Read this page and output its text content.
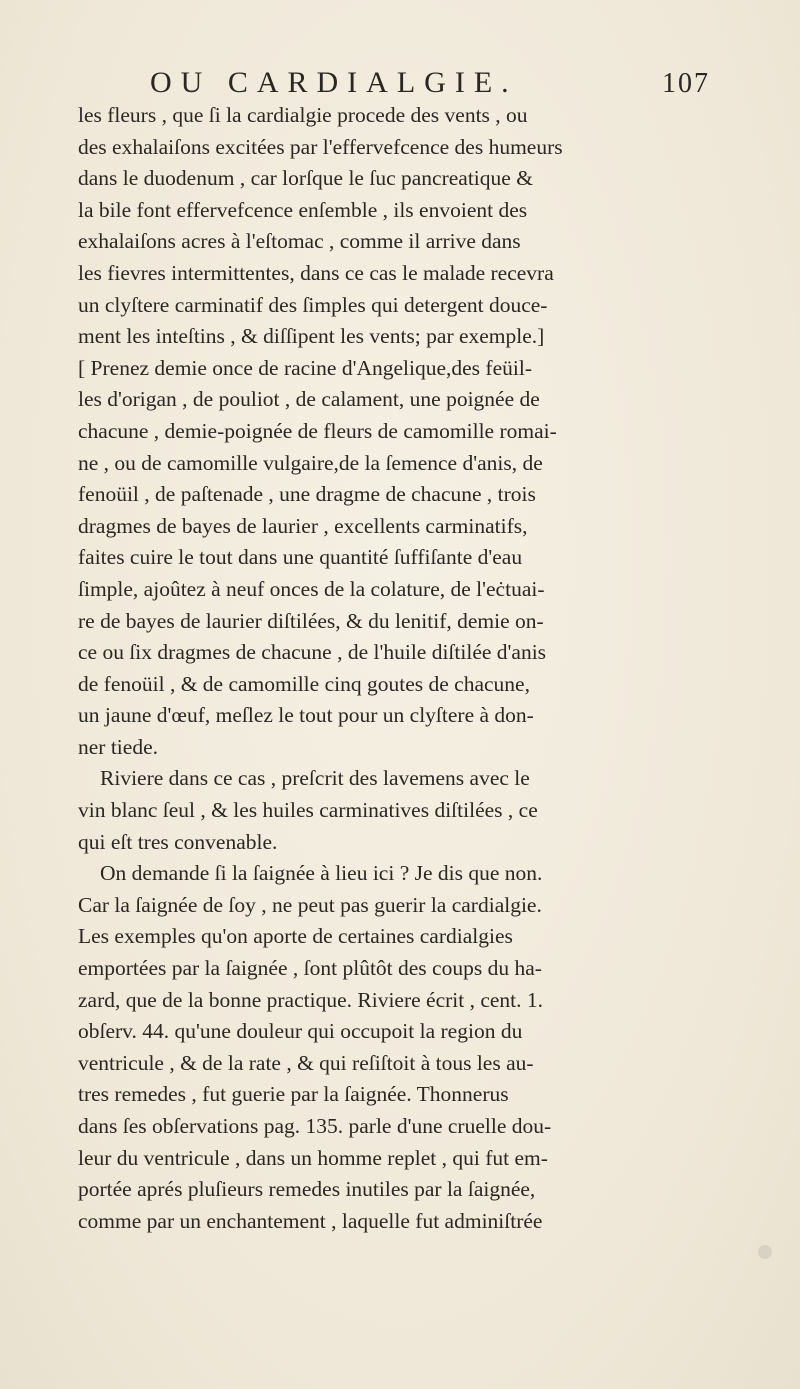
OU CARDIALGIE.	107
les fleurs , que ſi la cardialgie procede des vents , ou
des exhalaiſons excitées par l'effervefcence des humeurs
dans le duodenum , car lorſque le ſuc pancreatique &
la bile font effervefcence enſemble , ils envoient des
exhalaiſons acres à l'eſtomac , comme il arrive dans
les fievres intermittentes, dans ce cas le malade recevra
un clyſtere carminatif des ſimples qui detergent douce-
ment les inteſtins , & diſſipent les vents; par exemple.]
[ Prenez demie once de racine d'Angelique,des feüil-
les d'origan , de pouliot , de calament, une poignée de
chacune , demie-poignée de fleurs de camomille romai-
ne , ou de camomille vulgaire,de la ſemence d'anis, de
fenoüil , de paſtenade , une dragme de chacune , trois
dragmes de bayes de laurier , excellents carminatifs,
faites cuire le tout dans une quantité ſuffiſante d'eau
ſimple, ajoûtez à neuf onces de la colature, de l'eċtuai-
re de bayes de laurier diſtilées, & du lenitif, demie on-
ce ou ſix dragmes de chacune , de l'huile diſtilée d'anis
de fenoüil , & de camomille cinq goutes de chacune,
un jaune d'œuf, meſlez le tout pour un clyſtere à don-
ner tiede.
Riviere dans ce cas , preſcrit des lavemens avec le
vin blanc ſeul , & les huiles carminatives diſtilées , ce
qui eſt tres convenable.
On demande ſi la ſaignée à lieu ici ? Je dis que non.
Car la ſaignée de ſoy , ne peut pas guerir la cardialgie.
Les exemples qu'on aporte de certaines cardialgies
emportées par la ſaignée , ſont plûtôt des coups du ha-
zard, que de la bonne practique. Riviere écrit , cent. 1.
obſerv. 44. qu'une douleur qui occupoit la region du
ventricule , & de la rate , & qui reſiſtoit à tous les au-
tres remedes , fut guerie par la ſaignée. Thonnerus
dans ſes obſervations pag. 135. parle d'une cruelle dou-
leur du ventricule , dans un homme replet , qui fut em-
portée aprés pluſieurs remedes inutiles par la ſaignée,
comme par un enchantement , laquelle fut adminiſtrée
